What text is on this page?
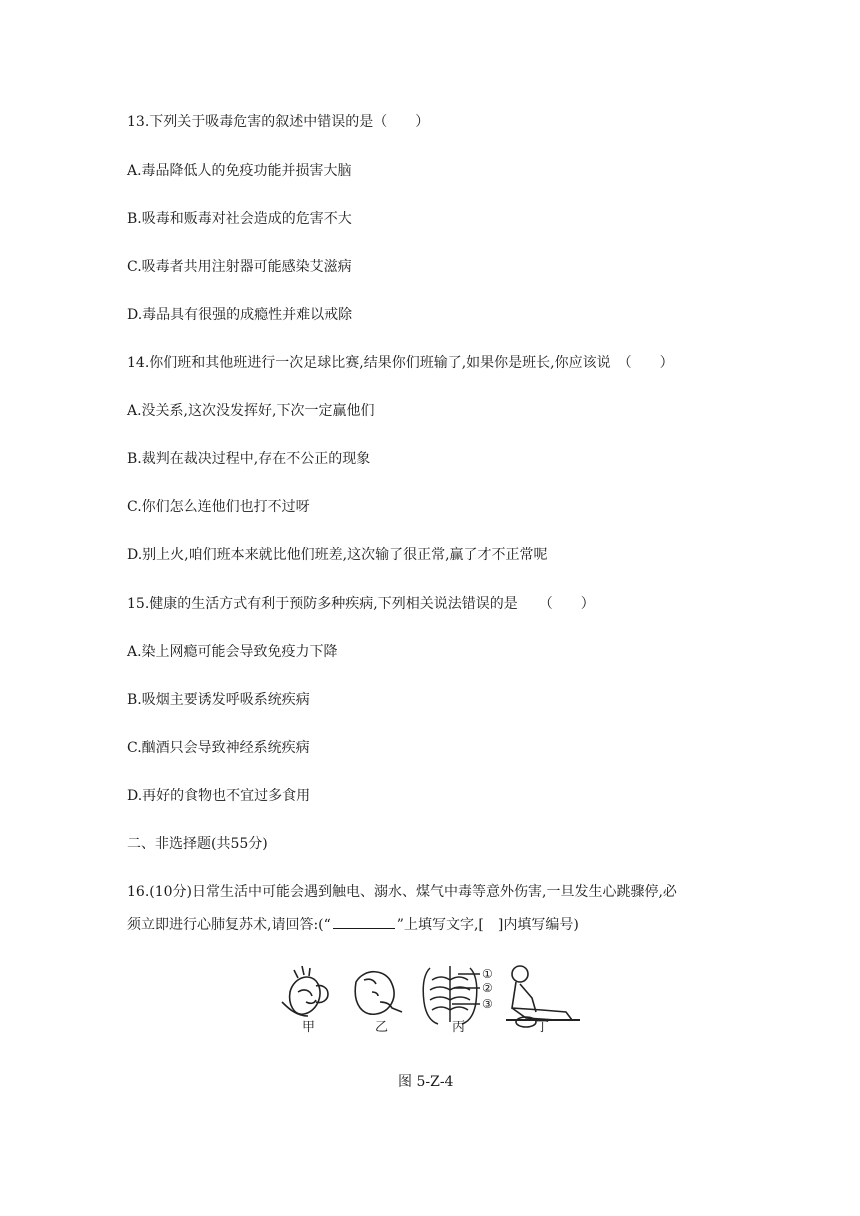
13.下列关于吸毒危害的叙述中错误的是（　　）
A.毒品降低人的免疫功能并损害大脑
B.吸毒和贩毒对社会造成的危害不大
C.吸毒者共用注射器可能感染艾滋病
D.毒品具有很强的成瘾性并难以戒除
14.你们班和其他班进行一次足球比赛,结果你们班输了,如果你是班长,你应该说　（　　）
A.没关系,这次没发挥好,下次一定赢他们
B.裁判在裁决过程中,存在不公正的现象
C.你们怎么连他们也打不过呀
D.别上火,咱们班本来就比他们班差,这次输了很正常,赢了才不正常呢
15.健康的生活方式有利于预防多种疾病,下列相关说法错误的是　　（　　）
A.染上网瘾可能会导致免疫力下降
B.吸烟主要诱发呼吸系统疾病
C.酗酒只会导致神经系统疾病
D.再好的食物也不宜过多食用
二、非选择题(共55分)
16.(10分)日常生活中可能会遇到触电、溺水、煤气中毒等意外伤害,一旦发生心跳骤停,必
须立即进行心肺复苏术,请回答:(“	”上填写文字,[　]内填写编号)
①
②
③
甲	乙	丙	丁
图 5-Z-4
